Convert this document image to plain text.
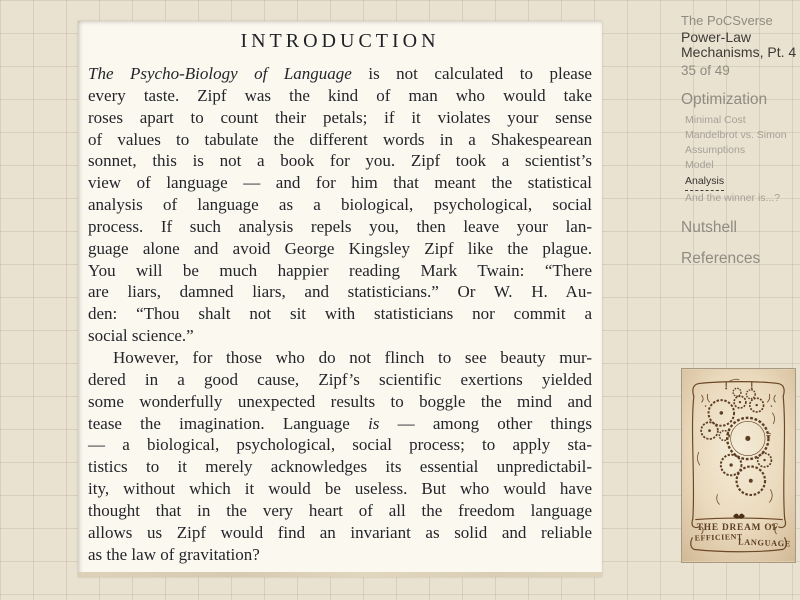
INTRODUCTION
The Psycho-Biology of Language is not calculated to please
every taste. Zipf was the kind of man who would take
roses apart to count their petals; if it violates your sense
of values to tabulate the different words in a Shakespearean
sonnet, this is not a book for you. Zipf took a scientist’s
view of language — and for him that meant the statistical
analysis of language as a biological, psychological, social
process. If such analysis repels you, then leave your lan-
guage alone and avoid George Kingsley Zipf like the plague.
You will be much happier reading Mark Twain: “There
are liars, damned liars, and statisticians.” Or W. H. Au-
den: “Thou shalt not sit with statisticians nor commit a
social science.”
However, for those who do not flinch to see beauty mur-
dered in a good cause, Zipf’s scientific exertions yielded
some wonderfully unexpected results to boggle the mind and
tease the imagination. Language is — among other things
— a biological, psychological, social process; to apply sta-
tistics to it merely acknowledges its essential unpredictabil-
ity, without which it would be useless. But who would have
thought that in the very heart of all the freedom language
allows us Zipf would find an invariant as solid and reliable
as the law of gravitation?

The PoCSverse

Power-Law Mechanisms, Pt. 4

35 of 49

Optimization

Minimal Cost
Mandelbrot vs. Simon
Assumptions
Model
Analysis
And the winner is...?

Nutshell

References

THE DREAM OF
EFFICIENT
LANGUAGE
